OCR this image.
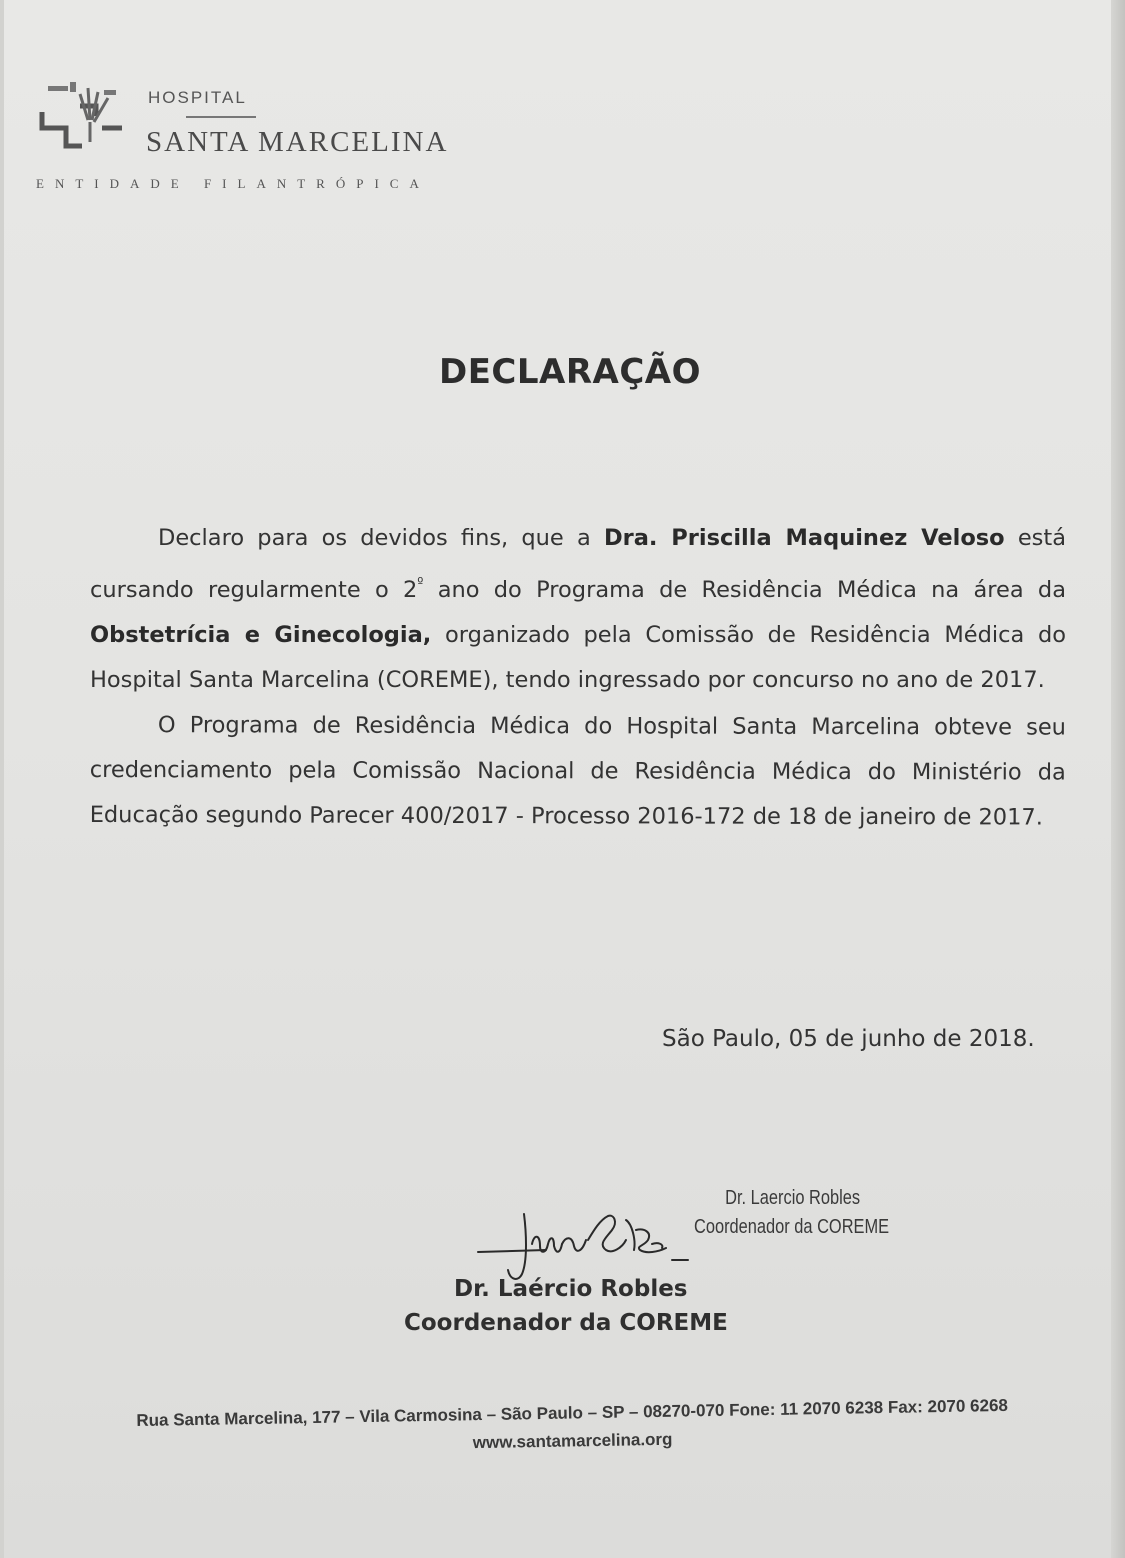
HOSPITAL
SANTA MARCELINA
ENTIDADE FILANTRÓPICA
DECLARAÇÃO

Declaro para os devidos fins, que a Dra. Priscilla Maquinez Veloso está cursando regularmente o $2^º$ ano do Programa de Residência Médica na área da Obstetrícia e Ginecologia, organizado pela Comissão de Residência Médica do Hospital Santa Marcelina (COREME), tendo ingressado por concurso no ano de 2017.

O Programa de Residência Médica do Hospital Santa Marcelina obteve seu credenciamento pela Comissão Nacional de Residência Médica do Ministério da Educação segundo Parecer 400/2017 - Processo 2016-172 de 18 de janeiro de 2017.

São Paulo, 05 de junho de 2018.
Dr. Laercio Robles
Coordenador da COREME
Dr. Laércio Robles
Coordenador da COREME
Rua Santa Marcelina, 177 – Vila Carmosina – São Paulo – SP – 08270-070 Fone: 11 2070 6238 Fax: 2070 6268 www.santamarcelina.org
